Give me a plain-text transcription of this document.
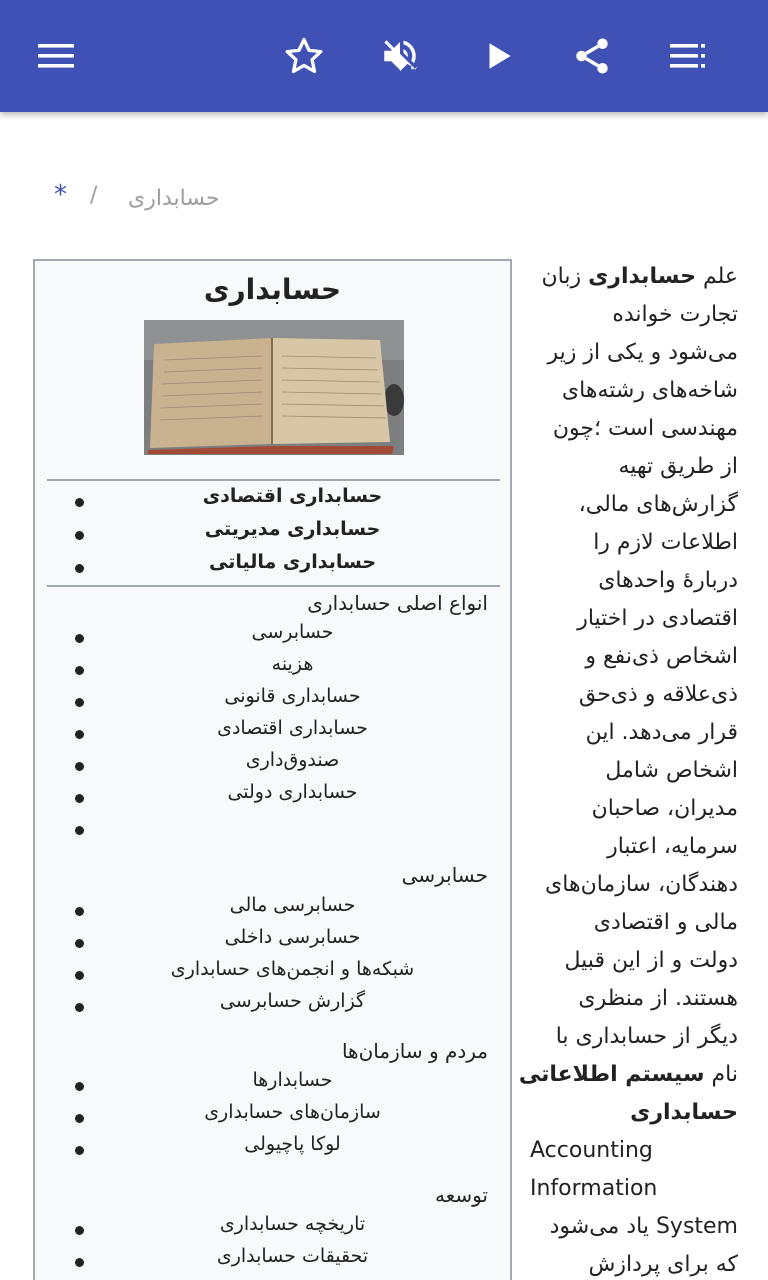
* / حسابداری
حسابداری
حسابداری اقتصادی
حسابداری مدیریتی
حسابداری مالیاتی
انواع اصلی حسابداری
حسابرسی
هزینه
حسابداری قانونی
حسابداری اقتصادی
صندوق‌داری
حسابداری دولتی
حسابرسی
حسابرسی مالی
حسابرسی داخلی
شبکه‌ها و انجمن‌های حسابداری
گزارش حسابرسی
مردم و سازمان‌ها
حسابدارها
سازمان‌های حسابداری
لوکا پاچیولی
توسعه
تاریخچه حسابداری
تحقیقات حسابداری
علم حسابداری زبان
تجارت خوانده
می‌شود و یکی از زیر
شاخه‌های رشته‌های
مهندسی است ؛چون
از طریق تهیه
گزارش‌های مالی،
اطلاعات لازم را
دربارهٔ واحدهای
اقتصادی در اختیار
اشخاص ذی‌نفع و
ذی‌علاقه و ذی‌حق
قرار می‌دهد. این
اشخاص شامل
مدیران، صاحبان
سرمایه، اعتبار
دهندگان، سازمان‌های
مالی و اقتصادی
دولت و از این قبیل
هستند. از منظری
دیگر از حسابداری با
نام سیستم اطلاعاتی
حسابداری
Accounting
Information
System یاد می‌شود
که برای پردازش
